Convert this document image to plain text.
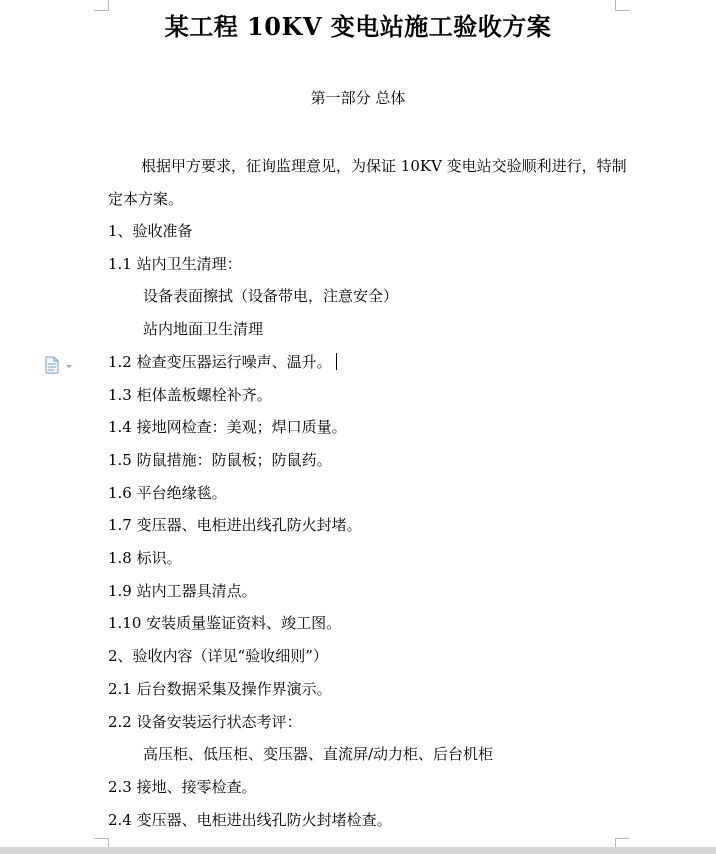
某工程 10KV 变电站施工验收方案
第一部分 总体
根据甲方要求，征询监理意见，为保证 10KV 变电站交验顺利进行，特制定本方案。
1、验收准备
1.1 站内卫生清理：
设备表面擦拭（设备带电，注意安全）
站内地面卫生清理
1.2 检查变压器运行噪声、温升。
1.3 柜体盖板螺栓补齐。
1.4 接地网检查：美观；焊口质量。
1.5 防鼠措施：防鼠板；防鼠药。
1.6 平台绝缘毯。
1.7 变压器、电柜进出线孔防火封堵。
1.8 标识。
1.9 站内工器具清点。
1.10 安装质量鉴证资料、竣工图。
2、验收内容（详见“验收细则”）
2.1 后台数据采集及操作界演示。
2.2 设备安装运行状态考评：
高压柜、低压柜、变压器、直流屏/动力柜、后台机柜
2.3 接地、接零检查。
2.4 变压器、电柜进出线孔防火封堵检查。
